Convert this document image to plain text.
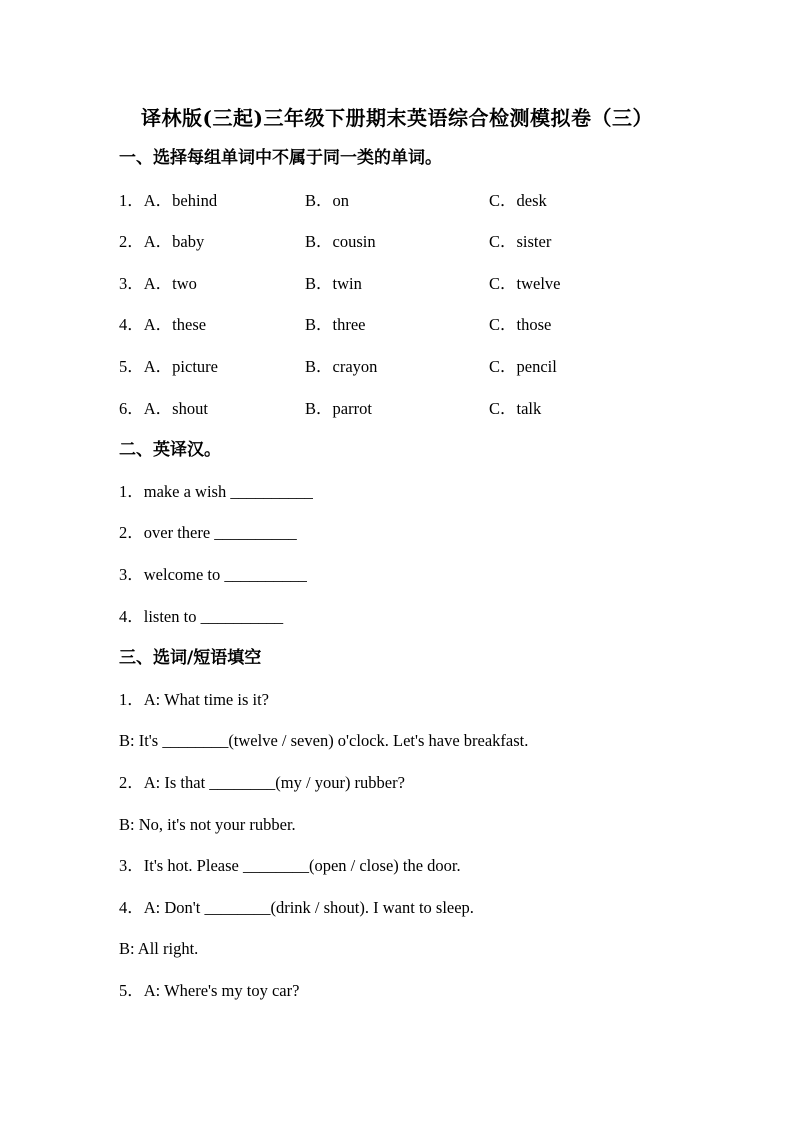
译林版(三起)三年级下册期末英语综合检测模拟卷（三）
一、选择每组单词中不属于同一类的单词。
1．A．behind	B．on	C．desk
2．A．baby	B．cousin	C．sister
3．A．two	B．twin	C．twelve
4．A．these	B．three	C．those
5．A．picture	B．crayon	C．pencil
6．A．shout	B．parrot	C．talk
二、英译汉。
1．make a wish __________
2．over there __________
3．welcome to __________
4．listen to __________
三、选词/短语填空
1．A: What time is it?
B: It's ________(twelve / seven) o'clock. Let's have breakfast.
2．A: Is that ________(my / your) rubber?
B: No, it's not your rubber.
3．It's hot. Please ________(open / close) the door.
4．A: Don't ________(drink / shout). I want to sleep.
B: All right.
5．A: Where's my toy car?
